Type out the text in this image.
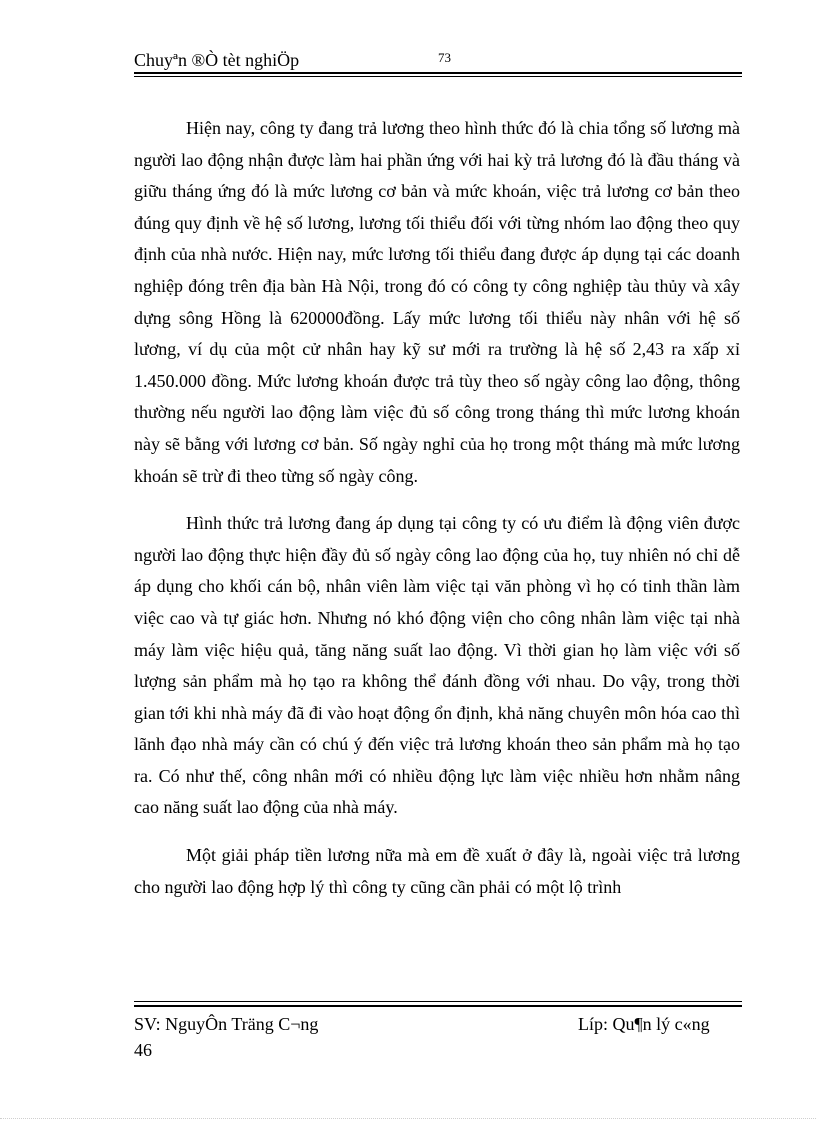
Chuyªn ®Ò tèt nghiÖp	73

Hiện nay, công ty đang trả lương theo hình thức đó là chia tổng số lương mà người lao động nhận được làm hai phần ứng với hai kỳ trả lương đó là đầu tháng và giữu tháng ứng đó là mức lương cơ bản và mức khoán, việc trả lương cơ bản theo đúng quy định về hệ số lương, lương tối thiểu đối với từng nhóm lao động theo quy định của nhà nước. Hiện nay, mức lương tối thiểu đang được áp dụng tại các doanh nghiệp đóng trên địa bàn Hà Nội, trong đó có công ty công nghiệp tàu thủy và xây dựng sông Hồng là 620000đồng. Lấy mức lương tối thiểu này nhân với hệ số lương, ví dụ của một cử nhân hay kỹ sư mới ra trường là hệ số 2,43 ra xấp xỉ 1.450.000 đồng. Mức lương khoán được trả tùy theo số ngày công lao động, thông thường nếu người lao động làm việc đủ số công trong tháng thì mức lương khoán này sẽ bằng với lương cơ bản. Số ngày nghỉ của họ trong một tháng mà mức lương khoán sẽ trừ đi theo từng số ngày công.

Hình thức trả lương đang áp dụng tại công ty có ưu điểm là động viên được người lao động thực hiện đầy đủ số ngày công lao động của họ, tuy nhiên nó chỉ dễ áp dụng cho khối cán bộ, nhân viên làm việc tại văn phòng vì họ có tinh thần làm việc cao và tự giác hơn. Nhưng nó khó động viện cho công nhân làm việc tại nhà máy làm việc hiệu quả, tăng năng suất lao động. Vì thời gian họ làm việc với số lượng sản phẩm mà họ tạo ra không thể đánh đồng với nhau. Do vậy, trong thời gian tới khi nhà máy đã đi vào hoạt động ổn định, khả năng chuyên môn hóa cao thì lãnh đạo nhà máy cần có chú ý đến việc trả lương khoán theo sản phẩm mà họ tạo ra. Có như thế, công nhân mới có nhiều động lực làm việc nhiều hơn nhằm nâng cao năng suất lao động của nhà máy.

Một giải pháp tiền lương nữa mà em đề xuất ở đây là, ngoài việc trả lương cho người lao động hợp lý thì công ty cũng cần phải có một lộ trình

SV: NguyÔn Träng C¬ng	Líp: Qu¶n lý c«ng
46
